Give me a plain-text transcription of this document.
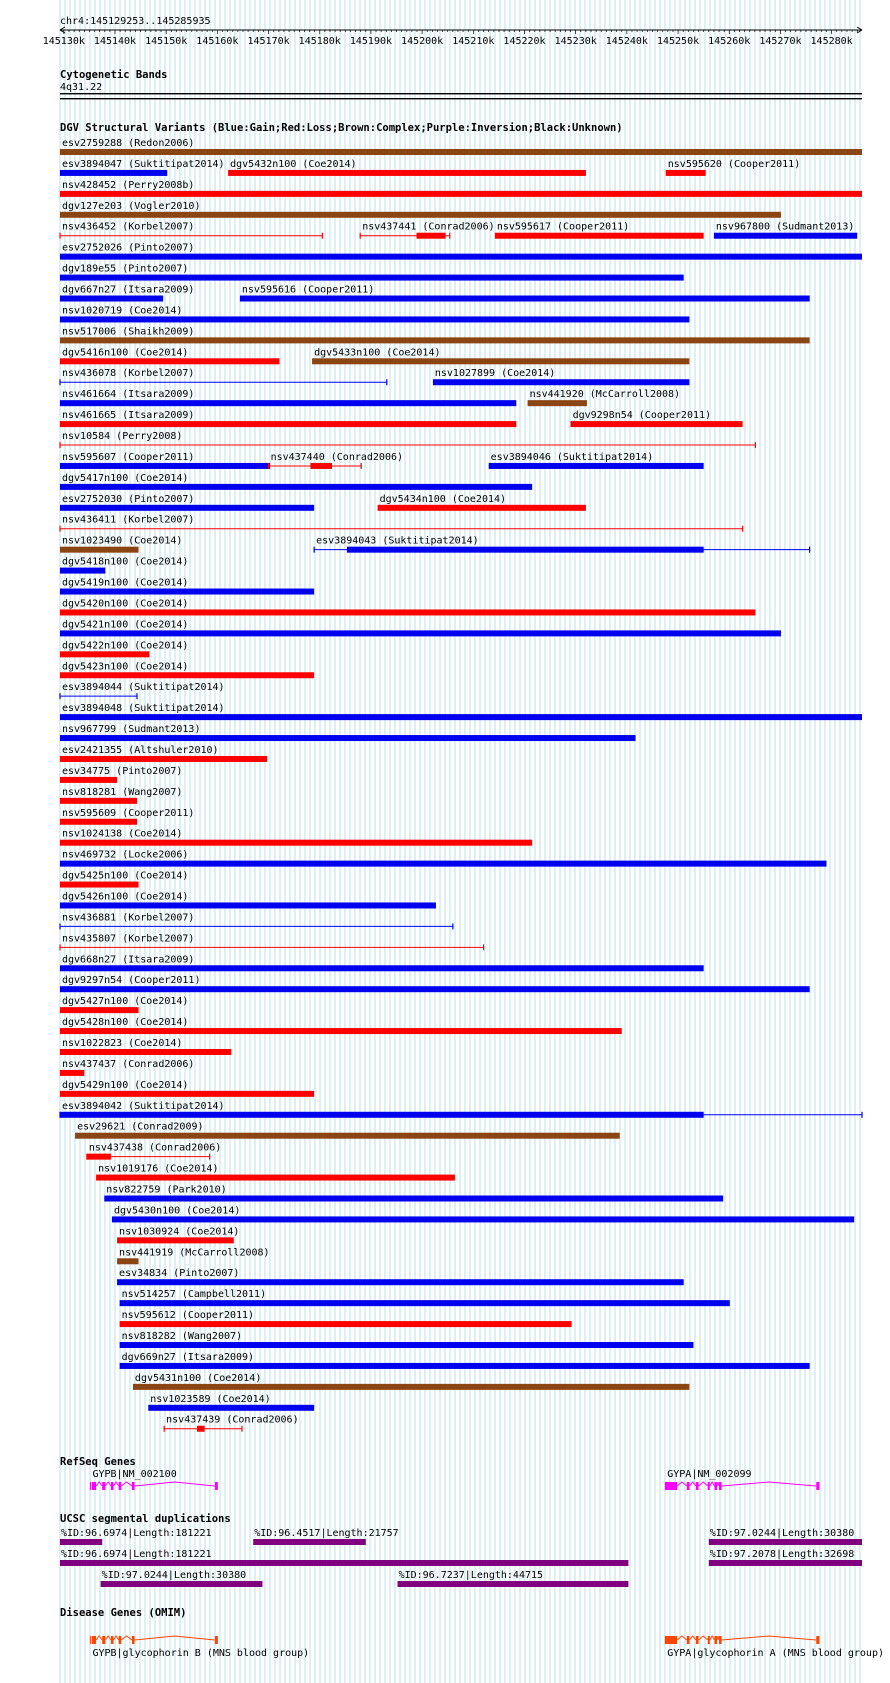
chr4:145129253..145285935
145130k 145140k 145150k 145160k 145170k 145180k 145190k 145200k 145210k 145220k 145230k 145240k 145250k 145260k 145270k 145280k
Cytogenetic Bands
4q31.22
DGV Structural Variants (Blue:Gain;Red:Loss;Brown:Complex;Purple:Inversion;Black:Unknown)
esv2759288 (Redon2006)
esv3894047 (Suktitipat2014) dgv5432n100 (Coe2014)	nsv595620 (Cooper2011)
nsv428452 (Perry2008b)
dgv127e203 (Vogler2010)
nsv436452 (Korbel2007)	nsv437441 (Conrad2006) nsv595617 (Cooper2011)	nsv967800 (Sudmant2013)
esv2752026 (Pinto2007)
dgv189e55 (Pinto2007)
dgv667n27 (Itsara2009)	nsv595616 (Cooper2011)
nsv1020719 (Coe2014)
nsv517006 (Shaikh2009)
dgv5416n100 (Coe2014)	dgv5433n100 (Coe2014)
nsv436078 (Korbel2007)	nsv1027899 (Coe2014)
nsv461664 (Itsara2009)	nsv441920 (McCarroll2008)
nsv461665 (Itsara2009)	dgv9298n54 (Cooper2011)
nsv10584 (Perry2008)
nsv595607 (Cooper2011)	nsv437440 (Conrad2006)	esv3894046 (Suktitipat2014)
dgv5417n100 (Coe2014)
esv2752030 (Pinto2007)	dgv5434n100 (Coe2014)
nsv436411 (Korbel2007)
nsv1023490 (Coe2014)	esv3894043 (Suktitipat2014)
dgv5418n100 (Coe2014)
dgv5419n100 (Coe2014)
dgv5420n100 (Coe2014)
dgv5421n100 (Coe2014)
dgv5422n100 (Coe2014)
dgv5423n100 (Coe2014)
esv3894044 (Suktitipat2014)
esv3894048 (Suktitipat2014)
nsv967799 (Sudmant2013)
esv2421355 (Altshuler2010)
esv34775 (Pinto2007)
nsv818281 (Wang2007)
nsv595609 (Cooper2011)
nsv1024138 (Coe2014)
nsv469732 (Locke2006)
dgv5425n100 (Coe2014)
dgv5426n100 (Coe2014)
nsv436881 (Korbel2007)
nsv435807 (Korbel2007)
dgv668n27 (Itsara2009)
dgv9297n54 (Cooper2011)
dgv5427n100 (Coe2014)
dgv5428n100 (Coe2014)
nsv1022823 (Coe2014)
nsv437437 (Conrad2006)
dgv5429n100 (Coe2014)
esv3894042 (Suktitipat2014)
esv29621 (Conrad2009)
nsv437438 (Conrad2006)
nsv1019176 (Coe2014)
nsv822759 (Park2010)
dgv5430n100 (Coe2014)
nsv1030924 (Coe2014)
nsv441919 (McCarroll2008)
esv34834 (Pinto2007)
nsv514257 (Campbell2011)
nsv595612 (Cooper2011)
nsv818282 (Wang2007)
dgv669n27 (Itsara2009)
dgv5431n100 (Coe2014)
nsv1023589 (Coe2014)
nsv437439 (Conrad2006)
RefSeq Genes
GYPB|NM_002100	GYPA|NM_002099
UCSC segmental duplications
%ID:96.6974|Length:181221	%ID:96.4517|Length:21757	%ID:97.0244|Length:30380
%ID:96.6974|Length:181221	%ID:97.2078|Length:32698
%ID:97.0244|Length:30380	%ID:96.7237|Length:44715
Disease Genes (OMIM)
GYPB|glycophorin B (MNS blood group)	GYPA|glycophorin A (MNS blood group)
